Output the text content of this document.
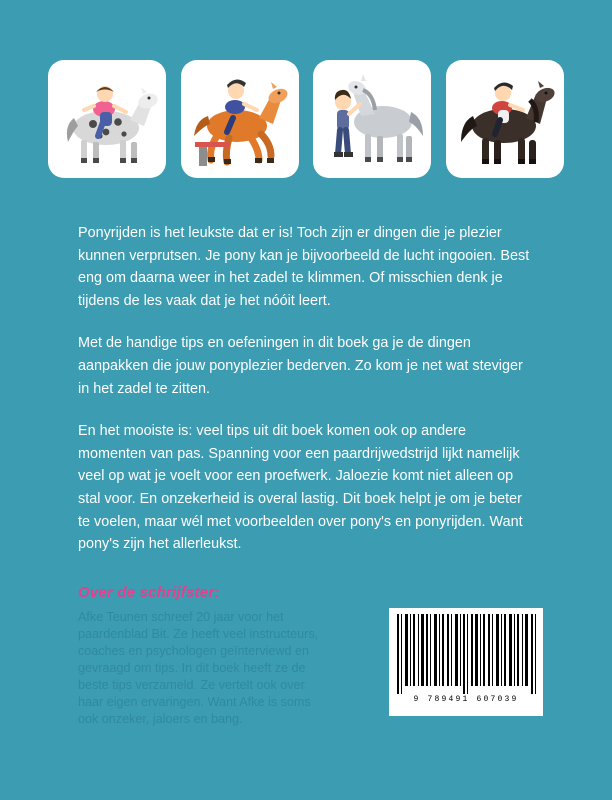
Ponyrijden is het leukste dat er is! Toch zijn er dingen die je plezier kunnen verprutsen. Je pony kan je bijvoorbeeld de lucht ingooien. Best eng om daarna weer in het zadel te klimmen. Of misschien denk je tijdens de les vaak dat je het nóóit leert.

Met de handige tips en oefeningen in dit boek ga je de dingen aanpakken die jouw ponyplezier bederven. Zo kom je net wat steviger in het zadel te zitten.

En het mooiste is: veel tips uit dit boek komen ook op andere momenten van pas. Spanning voor een paardrijwedstrijd lijkt namelijk veel op wat je voelt voor een proefwerk. Jaloezie komt niet alleen op stal voor. En onzekerheid is overal lastig. Dit boek helpt je om je beter te voelen, maar wél met voorbeelden over pony's en ponyrijden. Want pony's zijn het allerleukst.

Over de schrijfster:

Afke Teunen schreef 20 jaar voor het paardenblad Bit. Ze heeft veel instructeurs, coaches en psychologen geïnterviewd en gevraagd om tips. In dit boek heeft ze de beste tips verzameld. Ze vertelt ook over haar eigen ervaringen. Want Afke is soms ook onzeker, jaloers en bang.

9 789491 607039
